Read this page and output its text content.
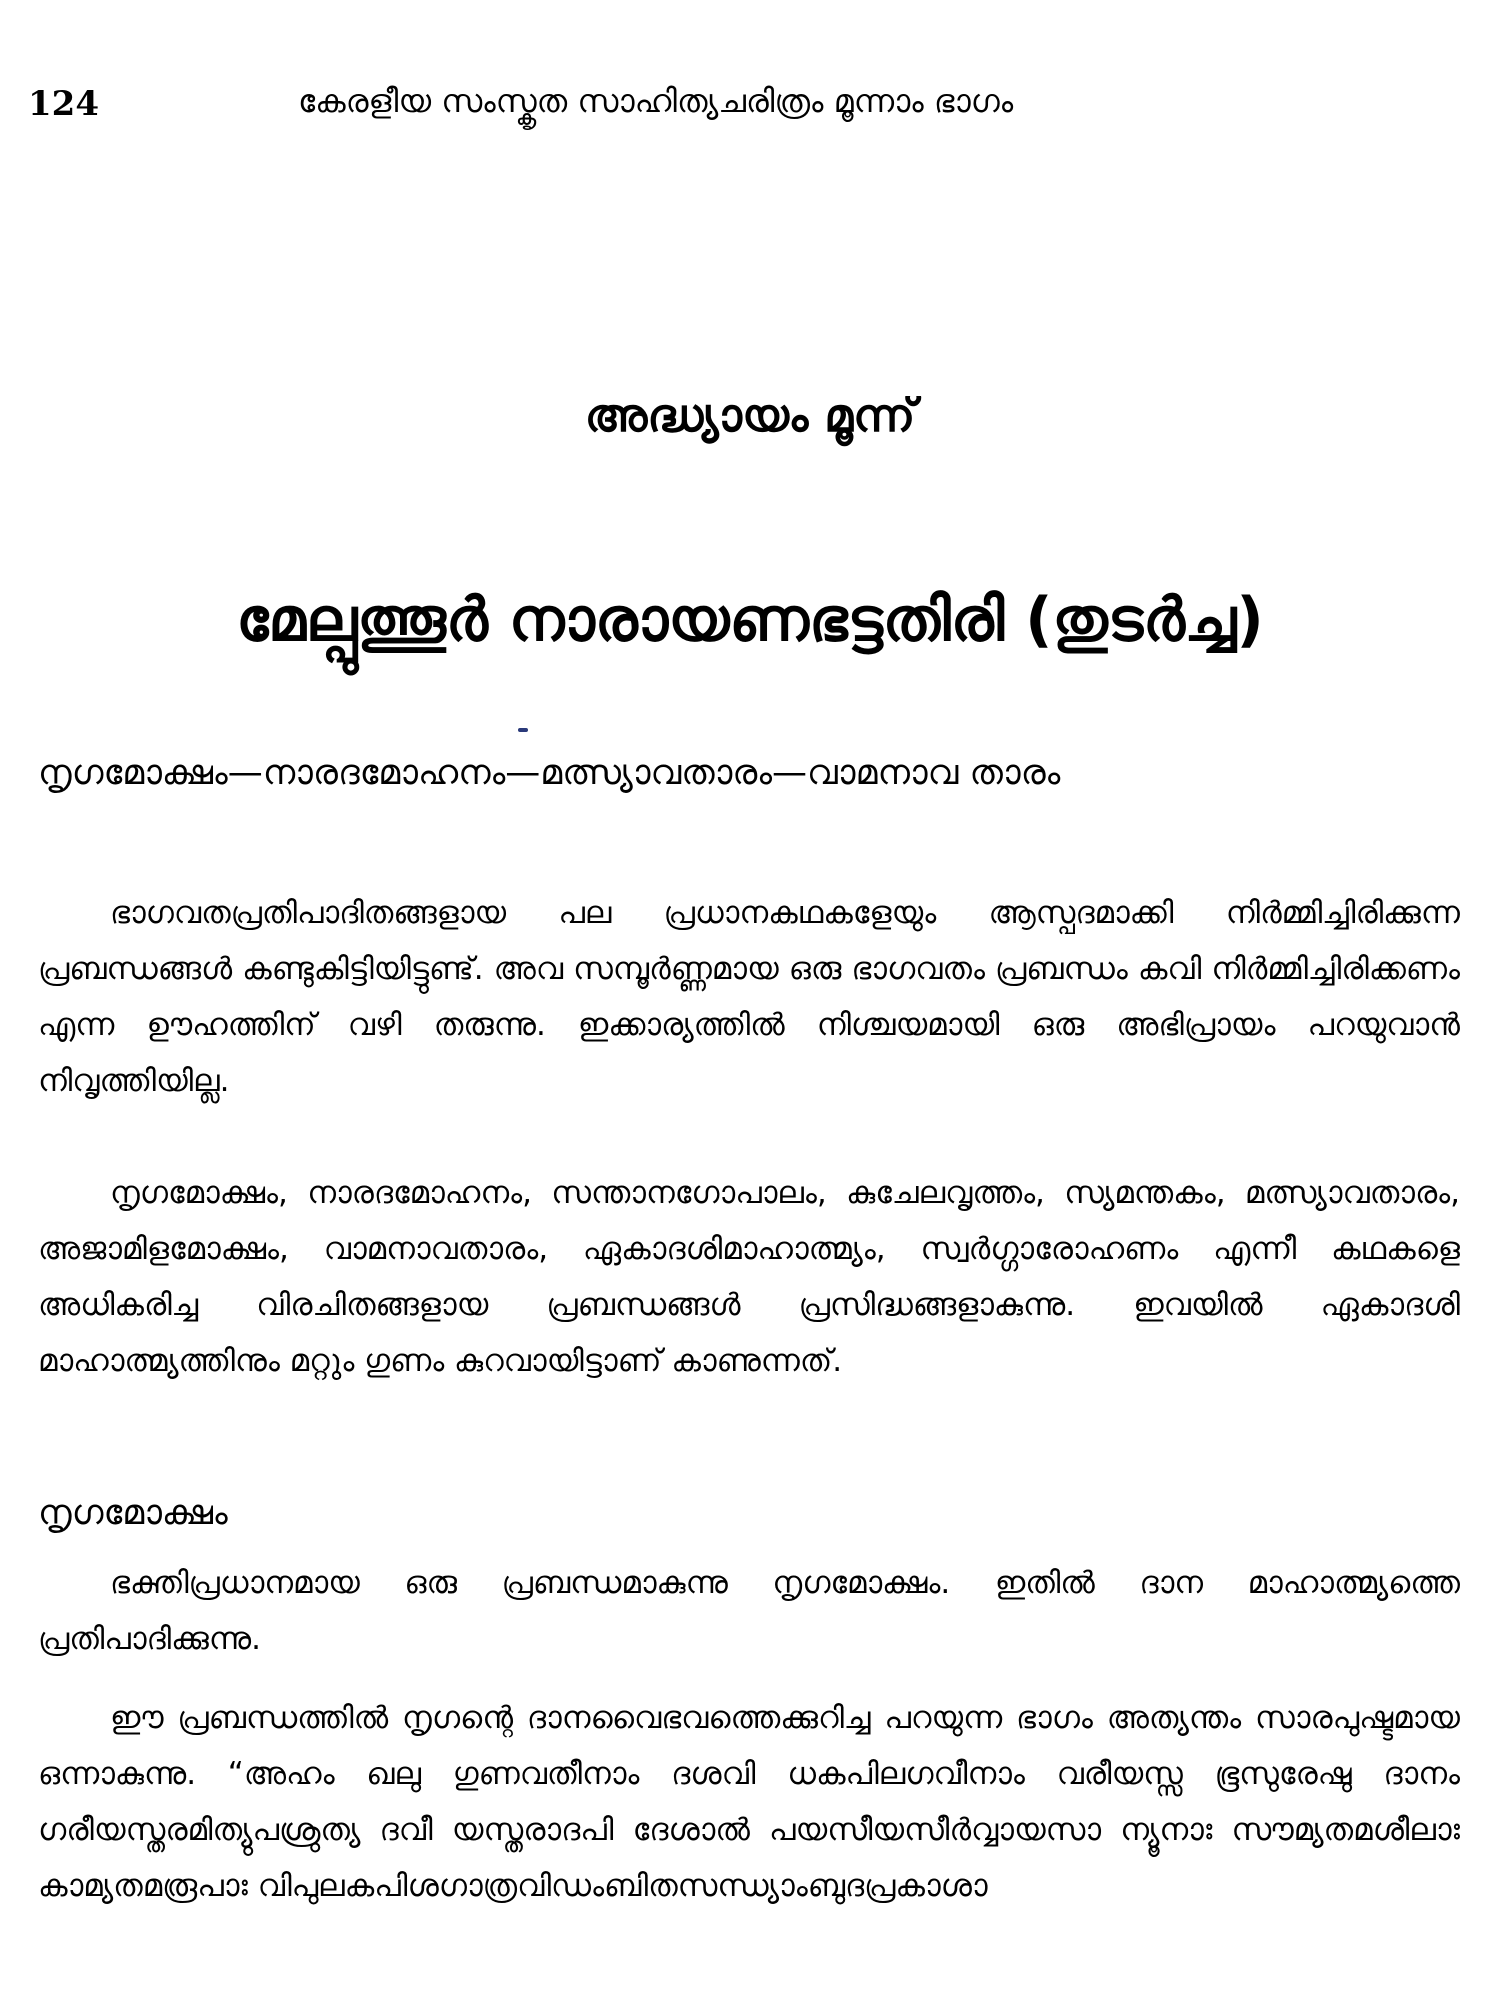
124	കേരളീയ സംസ്കൃത സാഹിത്യചരിത്രം മൂന്നാം ഭാഗം
അദ്ധ്യായം മൂന്ന്
മേല്പുത്തൂർ നാരായണഭട്ടതിരി (തുടർച്ച)
നൃഗമോക്ഷം—നാരദമോഹനം—മത്സ്യാവതാരം—വാമനാവ താരം
ഭാഗവതപ്രതിപാദിതങ്ങളായ പല പ്രധാനകഥകളേയും ആസ്പദമാക്കി നിർമ്മിച്ചിരിക്കുന്ന പ്രബന്ധങ്ങൾ കണ്ടുകിട്ടിയിട്ടുണ്ട്. അവ സമ്പൂർണ്ണമായ ഒരു ഭാഗവതം പ്രബന്ധം കവി നിർമ്മിച്ചിരിക്കണം എന്ന ഊഹത്തിന് വഴി തരുന്നു. ഇക്കാര്യത്തിൽ നിശ്ചയമായി ഒരു അഭിപ്രായം പറയുവാൻ നിവൃത്തിയില്ല.
നൃഗമോക്ഷം, നാരദമോഹനം, സന്താനഗോപാലം, കുചേലവൃത്തം, സ്യമന്തകം, മത്സ്യാവതാരം, അജാമിളമോക്ഷം, വാമനാവതാരം, ഏകാദശിമാഹാത്മ്യം, സ്വർഗ്ഗാരോഹണം എന്നീ കഥകളെ അധികരിച്ച വിരചിതങ്ങളായ പ്രബന്ധങ്ങൾ പ്രസിദ്ധങ്ങളാകുന്നു. ഇവയിൽ ഏകാദശി മാഹാത്മ്യത്തിനും മറ്റും ഗുണം കുറവായിട്ടാണ് കാണുന്നത്.
നൃഗമോക്ഷം
ഭക്തിപ്രധാനമായ ഒരു പ്രബന്ധമാകുന്നു നൃഗമോക്ഷം. ഇതിൽ ദാന മാഹാത്മ്യത്തെ പ്രതിപാദിക്കുന്നു.
ഈ പ്രബന്ധത്തിൽ നൃഗന്റെ ദാനവൈഭവത്തെക്കുറിച്ച പറയുന്ന ഭാഗം അത്യന്തം സാരപുഷ്ടമായ ഒന്നാകുന്നു. “അഹം ഖലു ഗുണവതീനാം ദശവി ധകപിലഗവീനാം വരീയസ്സ ഭൂസുരേഷു ദാനം ഗരീയസ്തരമിത്യുപശ്രുത്യ ദവീ യസ്തരാദപി ദേശാൽ പയസീയസീർവ്വായസാ ന്യൂനാഃ സൗമ്യതമശീലാഃ കാമ്യതമരൂപാഃ വിപുലകപിശഗാത്രവിഡംബിതസന്ധ്യാംബുദപ്രകാശാ
